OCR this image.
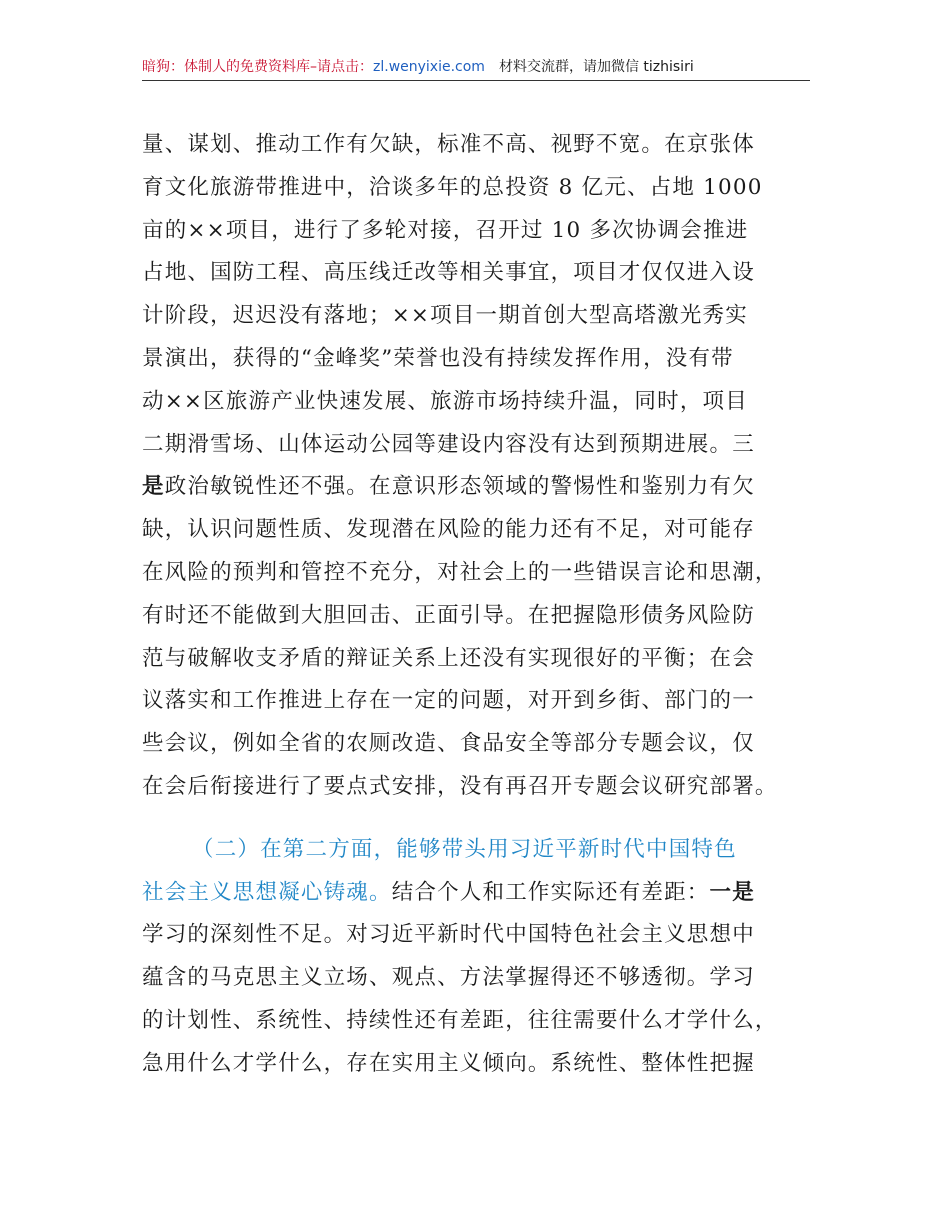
暗狗：体制人的免费资料库–请点击：zl.wenyixie.com 材料交流群，请加微信 tizhisiri
量、谋划、推动工作有欠缺，标准不高、视野不宽。在京张体
育文化旅游带推进中，洽谈多年的总投资 8 亿元、占地 1000
亩的××项目，进行了多轮对接，召开过 10 多次协调会推进
占地、国防工程、高压线迁改等相关事宜，项目才仅仅进入设
计阶段，迟迟没有落地；××项目一期首创大型高塔激光秀实
景演出，获得的“金峰奖”荣誉也没有持续发挥作用，没有带
动××区旅游产业快速发展、旅游市场持续升温，同时，项目
二期滑雪场、山体运动公园等建设内容没有达到预期进展。三
是政治敏锐性还不强。在意识形态领域的警惕性和鉴别力有欠
缺，认识问题性质、发现潜在风险的能力还有不足，对可能存
在风险的预判和管控不充分，对社会上的一些错误言论和思潮，
有时还不能做到大胆回击、正面引导。在把握隐形债务风险防
范与破解收支矛盾的辩证关系上还没有实现很好的平衡；在会
议落实和工作推进上存在一定的问题，对开到乡街、部门的一
些会议，例如全省的农厕改造、食品安全等部分专题会议，仅
在会后衔接进行了要点式安排，没有再召开专题会议研究部署。
（二）在第二方面，能够带头用习近平新时代中国特色
社会主义思想凝心铸魂。结合个人和工作实际还有差距：一是
学习的深刻性不足。对习近平新时代中国特色社会主义思想中
蕴含的马克思主义立场、观点、方法掌握得还不够透彻。学习
的计划性、系统性、持续性还有差距，往往需要什么才学什么，
急用什么才学什么，存在实用主义倾向。系统性、整体性把握
